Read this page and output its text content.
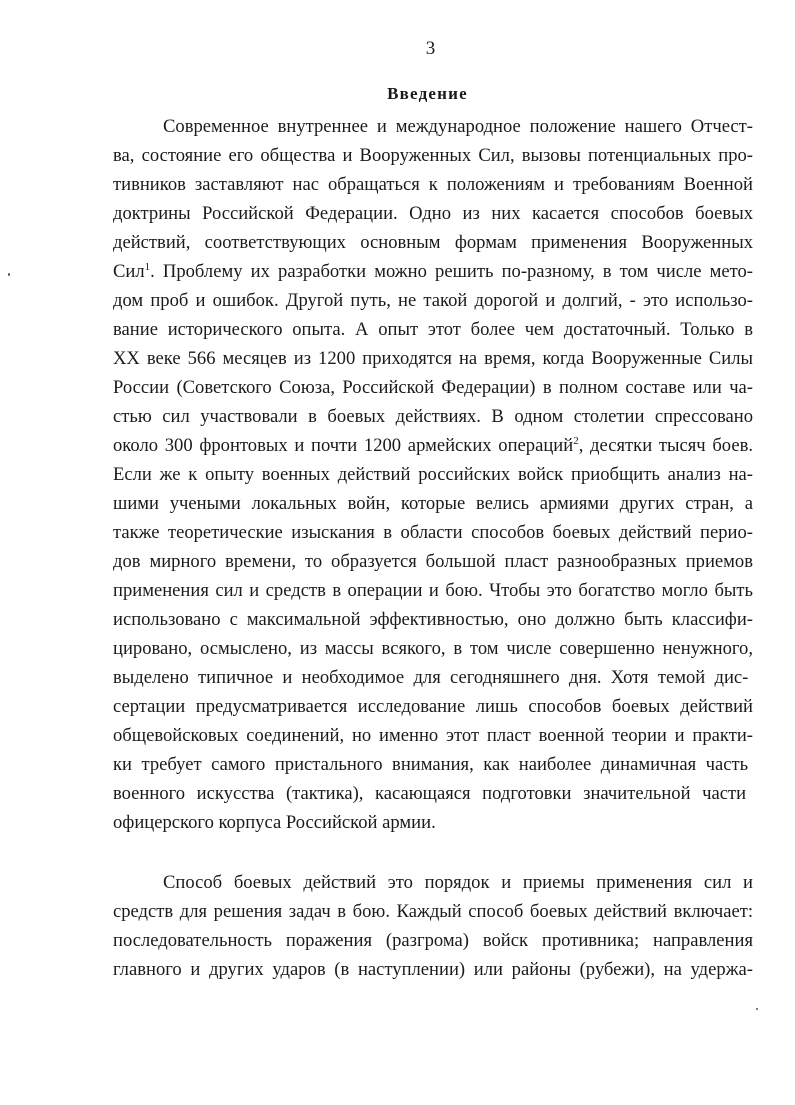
3
Введение
Современное внутреннее и международное положение нашего Отчест-
ва, состояние его общества и Вооруженных Сил, вызовы потенциальных про-
тивников заставляют нас обращаться к положениям и требованиям Военной
доктрины Российской Федерации. Одно из них касается способов боевых
действий, соответствующих основным формам применения Вооруженных
Сил$^1$. Проблему их разработки можно решить по-разному, в том числе мето-
дом проб и ошибок. Другой путь, не такой дорогой и долгий, - это использо-
вание исторического опыта. А опыт этот более чем достаточный. Только в
XX веке 566 месяцев из 1200 приходятся на время, когда Вооруженные Силы
России (Советского Союза, Российской Федерации) в полном составе или ча-
стью сил участвовали в боевых действиях. В одном столетии спрессовано
около 300 фронтовых и почти 1200 армейских операций$^2$, десятки тысяч боев.
Если же к опыту военных действий российских войск приобщить анализ на-
шими учеными локальных войн, которые велись армиями других стран, а
также теоретические изыскания в области способов боевых действий перио-
дов мирного времени, то образуется большой пласт разнообразных приемов
применения сил и средств в операции и бою. Чтобы это богатство могло быть
использовано с максимальной эффективностью, оно должно быть классифи-
цировано, осмыслено, из массы всякого, в том числе совершенно ненужного,
выделено типичное и необходимое для сегодняшнего дня. Хотя темой дис-
сертации предусматривается исследование лишь способов боевых действий
общевойсковых соединений, но именно этот пласт военной теории и практи-
ки требует самого пристального внимания, как наиболее динамичная часть
военного искусства (тактика), касающаяся подготовки значительной части
офицерского корпуса Российской армии.
Способ боевых действий это порядок и приемы применения сил и
средств для решения задач в бою. Каждый способ боевых действий включает:
последовательность поражения (разгрома) войск противника; направления
главного и других ударов (в наступлении) или районы (рубежи), на удержа-
